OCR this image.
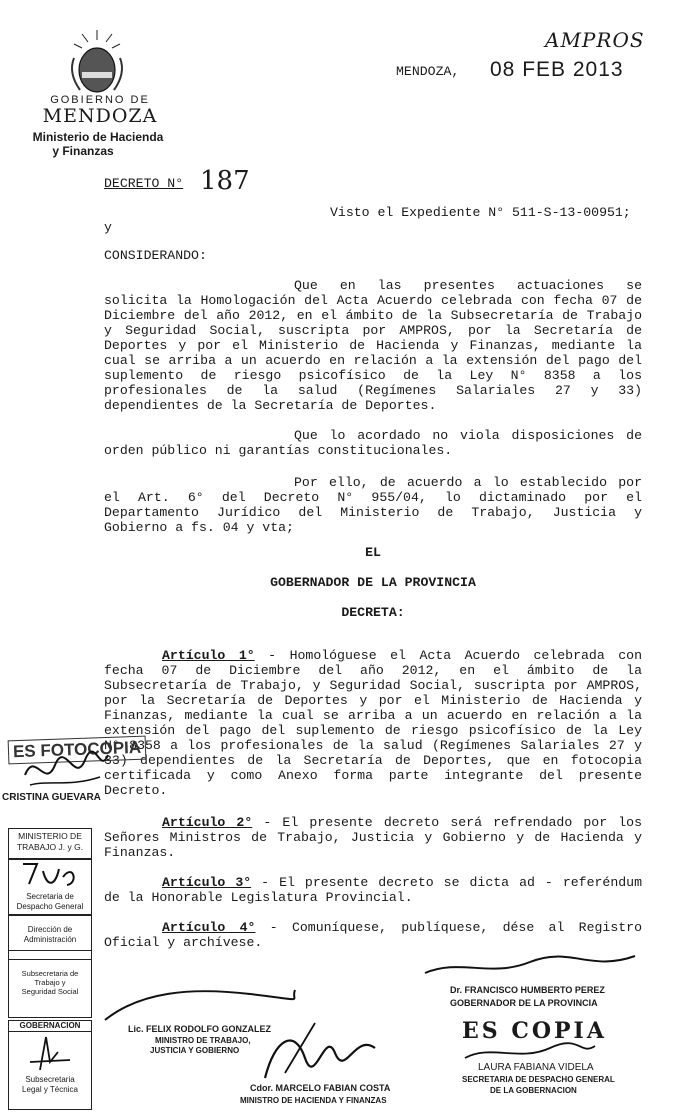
AMPROS
GOBIERNO DE
MENDOZA
Ministerio de Hacienda
y Finanzas
MENDOZA, 08 FEB 2013
DECRETO N° 187
Visto el Expediente N° 511-S-13-00951;
y
CONSIDERANDO:
Que en las presentes actuaciones se solicita la Homologación del Acta Acuerdo celebrada con fecha 07 de Diciembre del año 2012, en el ámbito de la Subsecretaría de Trabajo y Seguridad Social, suscripta por AMPROS, por la Secretaría de Deportes y por el Ministerio de Hacienda y Finanzas, mediante la cual se arriba a un acuerdo en relación a la extensión del pago del suplemento de riesgo psicofísico de la Ley N° 8358 a los profesionales de la salud (Regímenes Salariales 27 y 33) dependientes de la Secretaría de Deportes.
Que lo acordado no viola disposiciones de orden público ni garantías constitucionales.
Por ello, de acuerdo a lo establecido por el Art. 6° del Decreto N° 955/04, lo dictaminado por el Departamento Jurídico del Ministerio de Trabajo, Justicia y Gobierno a fs. 04 y vta;
EL
GOBERNADOR DE LA PROVINCIA
DECRETA:
Artículo 1° - Homológuese el Acta Acuerdo celebrada con fecha 07 de Diciembre del año 2012, en el ámbito de la Subsecretaría de Trabajo, y Seguridad Social, suscripta por AMPROS, por la Secretaría de Deportes y por el Ministerio de Hacienda y Finanzas, mediante la cual se arriba a un acuerdo en relación a la extensión del pago del suplemento de riesgo psicofísico de la Ley N° 8358 a los profesionales de la salud (Regímenes Salariales 27 y 33) dependientes de la Secretaría de Deportes, que en fotocopia certificada y como Anexo forma parte integrante del presente Decreto.
Artículo 2° - El presente decreto será refrendado por los Señores Ministros de Trabajo, Justicia y Gobierno y de Hacienda y Finanzas.
Artículo 3° - El presente decreto se dicta ad - referéndum de la Honorable Legislatura Provincial.
Artículo 4° - Comuníquese, publíquese, dése al Registro Oficial y archívese.
ES FOTOCOPIA
CRISTINA GUEVARA
MINISTERIO DE
TRABAJO J. y G.
Secretaria de
Despacho General
Dirección de
Administración
Subsecretaria de
Trabajo y
Seguridad Social
GOBERNACION
Subsecretaria
Legal y Técnica
Dr. FRANCISCO HUMBERTO PEREZ
GOBERNADOR DE LA PROVINCIA
ES COPIA
LAURA FABIANA VIDELA
SECRETARIA DE DESPACHO GENERAL
DE LA GOBERNACION
Lic. FELIX RODOLFO GONZALEZ
MINISTRO DE TRABAJO,
JUSTICIA Y GOBIERNO
Cdor. MARCELO FABIAN COSTA
MINISTRO DE HACIENDA Y FINANZAS
